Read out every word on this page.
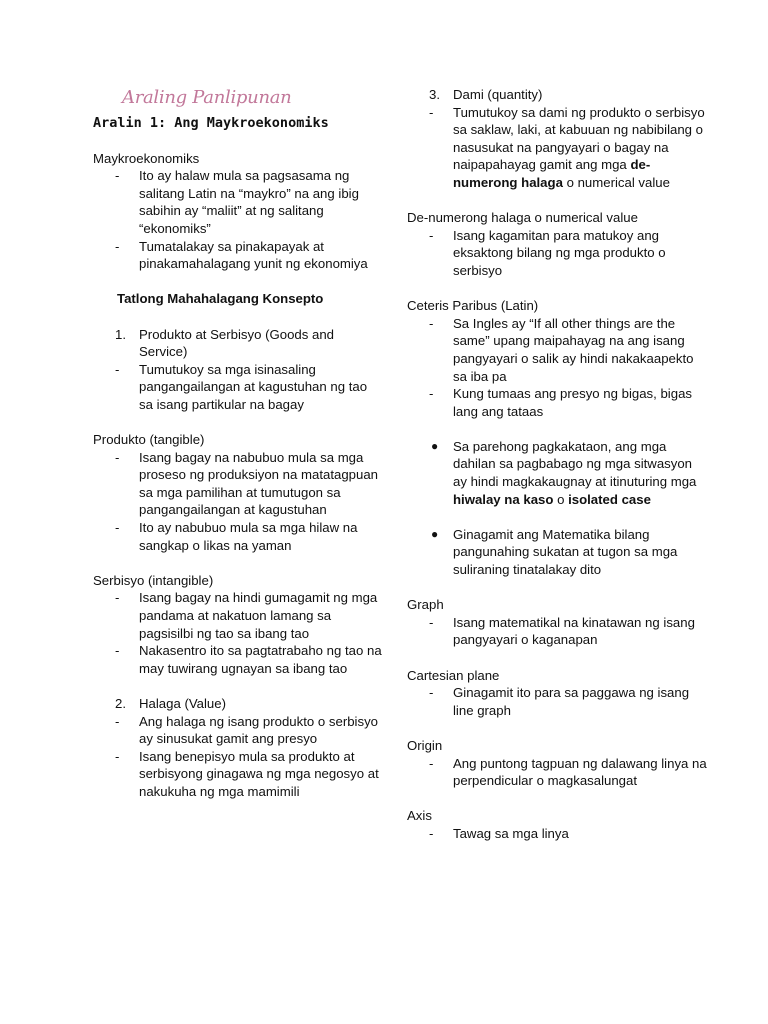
Araling Panlipunan
Aralin 1: Ang Maykroekonomiks
Maykroekonomiks
- Ito ay halaw mula sa pagsasama ng salitang Latin na “maykro” na ang ibig sabihin ay “maliit” at ng salitang “ekonomiks”
- Tumatalakay sa pinakapayak at pinakamahalagang yunit ng ekonomiya
Tatlong Mahahalagang Konsepto
1. Produkto at Serbisyo (Goods and Service)
- Tumutukoy sa mga isinasaling pangangailangan at kagustuhan ng tao sa isang partikular na bagay
Produkto (tangible)
- Isang bagay na nabubuo mula sa mga proseso ng produksiyon na matatagpuan sa mga pamilihan at tumutugon sa pangangailangan at kagustuhan
- Ito ay nabubuo mula sa mga hilaw na sangkap o likas na yaman
Serbisyo (intangible)
- Isang bagay na hindi gumagamit ng mga pandama at nakatuon lamang sa pagsisilbi ng tao sa ibang tao
- Nakasentro ito sa pagtatrabaho ng tao na may tuwirang ugnayan sa ibang tao
2. Halaga (Value)
- Ang halaga ng isang produkto o serbisyo ay sinusukat gamit ang presyo
- Isang benepisyo mula sa produkto at serbisyong ginagawa ng mga negosyo at nakukuha ng mga mamimili
3. Dami (quantity)
- Tumutukoy sa dami ng produkto o serbisyo sa saklaw, laki, at kabuuan ng nabibilang o nasusukat na pangyayari o bagay na naipapahayag gamit ang mga de-numerong halaga o numerical value
De-numerong halaga o numerical value
- Isang kagamitan para matukoy ang eksaktong bilang ng mga produkto o serbisyo
Ceteris Paribus (Latin)
- Sa Ingles ay “If all other things are the same” upang maipahayag na ang isang pangyayari o salik ay hindi nakakaapekto sa iba pa
- Kung tumaas ang presyo ng bigas, bigas lang ang tataas
● Sa parehong pagkakataon, ang mga dahilan sa pagbabago ng mga sitwasyon ay hindi magkakaugnay at itinuturing mga hiwalay na kaso o isolated case
● Ginagamit ang Matematika bilang pangunahing sukatan at tugon sa mga suliraning tinatalakay dito
Graph
- Isang matematikal na kinatawan ng isang pangyayari o kaganapan
Cartesian plane
- Ginagamit ito para sa paggawa ng isang line graph
Origin
- Ang puntong tagpuan ng dalawang linya na perpendicular o magkasalungat
Axis
- Tawag sa mga linya
